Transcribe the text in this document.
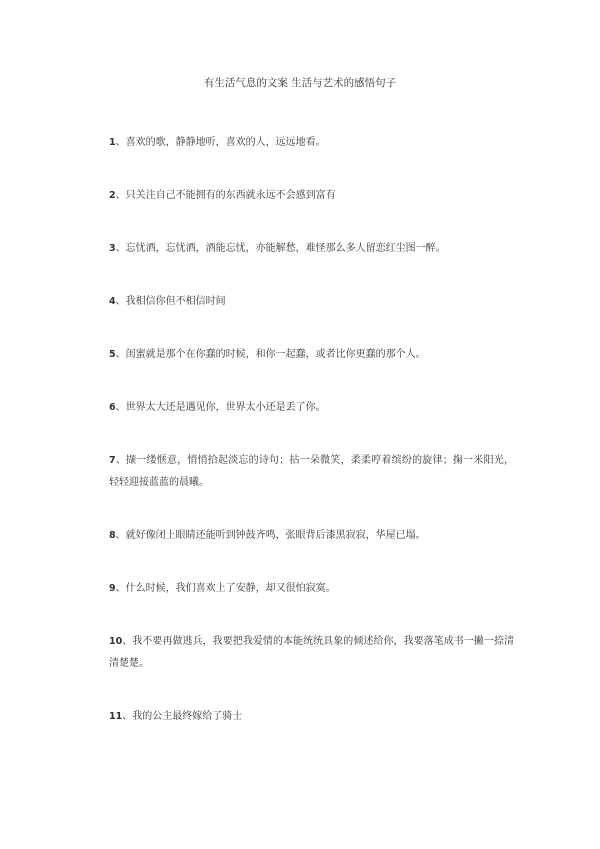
有生活气息的文案 生活与艺术的感悟句子

1、喜欢的歌，静静地听，喜欢的人，远远地看。

2、只关注自己不能拥有的东西就永远不会感到富有

3、忘忧酒，忘忧酒，酒能忘忧，亦能解愁，难怪那么多人留恋红尘图一醉。

4、我相信你但不相信时间

5、闺蜜就是那个在你蠢的时候，和你一起蠢，或者比你更蠢的那个人。

6、世界太大还是遇见你，世界太小还是丢了你。

7、撷一缕惬意，悄悄拾起淡忘的诗句；拈一朵微笑，柔柔哼着缤纷的旋律；掬一米阳光，轻轻迎接蓝蓝的晨曦。

8、就好像闭上眼睛还能听到钟鼓齐鸣，张眼背后漆黑寂寂，华屋已塌。

9、什么时候，我们喜欢上了安静，却又很怕寂寞。

10、我不要再做逃兵，我要把我爱情的本能统统具象的倾述给你，我要落笔成书一撇一捺清清楚楚。

11、我的公主最终嫁给了骑士
